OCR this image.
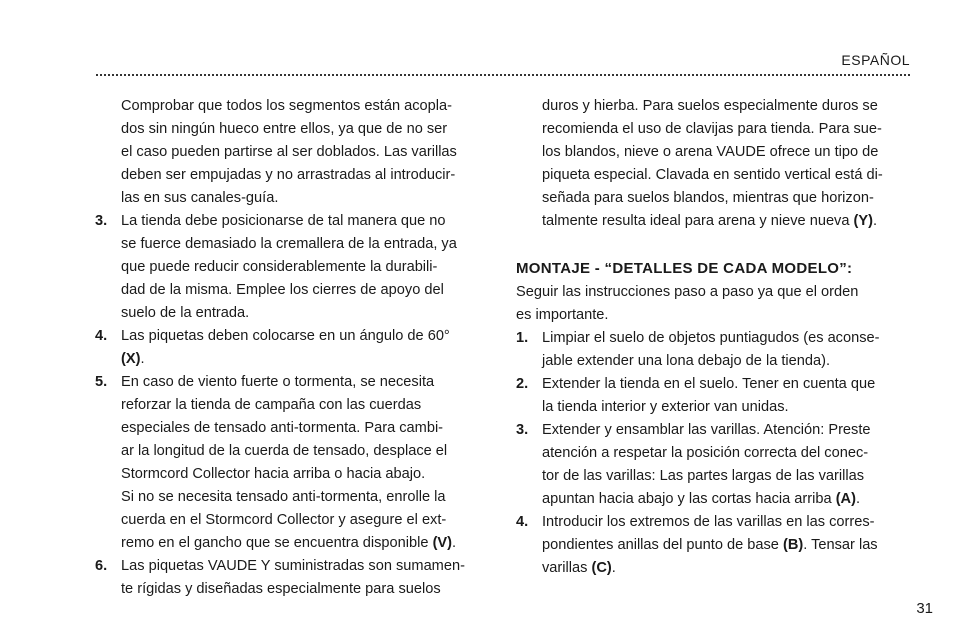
ESPAÑOL
Comprobar que todos los segmentos están acopla-
dos sin ningún hueco entre ellos, ya que de no ser
el caso pueden partirse al ser doblados. Las varillas
deben ser empujadas y no arrastradas al introducir-
las en sus canales-guía.
3. La tienda debe posicionarse de tal manera que no
se fuerce demasiado la cremallera de la entrada, ya
que puede reducir considerablemente la durabili-
dad de la misma. Emplee los cierres de apoyo del
suelo de la entrada.
4. Las piquetas deben colocarse en un ángulo de 60°
(X).
5. En caso de viento fuerte o tormenta, se necesita
reforzar la tienda de campaña con las cuerdas
especiales de tensado anti-tormenta. Para cambi-
ar la longitud de la cuerda de tensado, desplace el
Stormcord Collector hacia arriba o hacia abajo.
Si no se necesita tensado anti-tormenta, enrolle la
cuerda en el Stormcord Collector y asegure el ext-
remo en el gancho que se encuentra disponible (V).
6. Las piquetas VAUDE Y suministradas son sumamen-
te rígidas y diseñadas especialmente para suelos
duros y hierba. Para suelos especialmente duros se
recomienda el uso de clavijas para tienda. Para sue-
los blandos, nieve o arena VAUDE ofrece un tipo de
piqueta especial. Clavada en sentido vertical está di-
señada para suelos blandos, mientras que horizon-
talmente resulta ideal para arena y nieve nueva (Y).
MONTAJE - “DETALLES DE CADA MODELO”:
Seguir las instrucciones paso a paso ya que el orden
es importante.
1. Limpiar el suelo de objetos puntiagudos (es aconse-
jable extender una lona debajo de la tienda).
2. Extender la tienda en el suelo. Tener en cuenta que
la tienda interior y exterior van unidas.
3. Extender y ensamblar las varillas. Atención: Preste
atención a respetar la posición correcta del conec-
tor de las varillas: Las partes largas de las varillas
apuntan hacia abajo y las cortas hacia arriba (A).
4. Introducir los extremos de las varillas en las corres-
pondientes anillas del punto de base (B). Tensar las
varillas (C).
31
